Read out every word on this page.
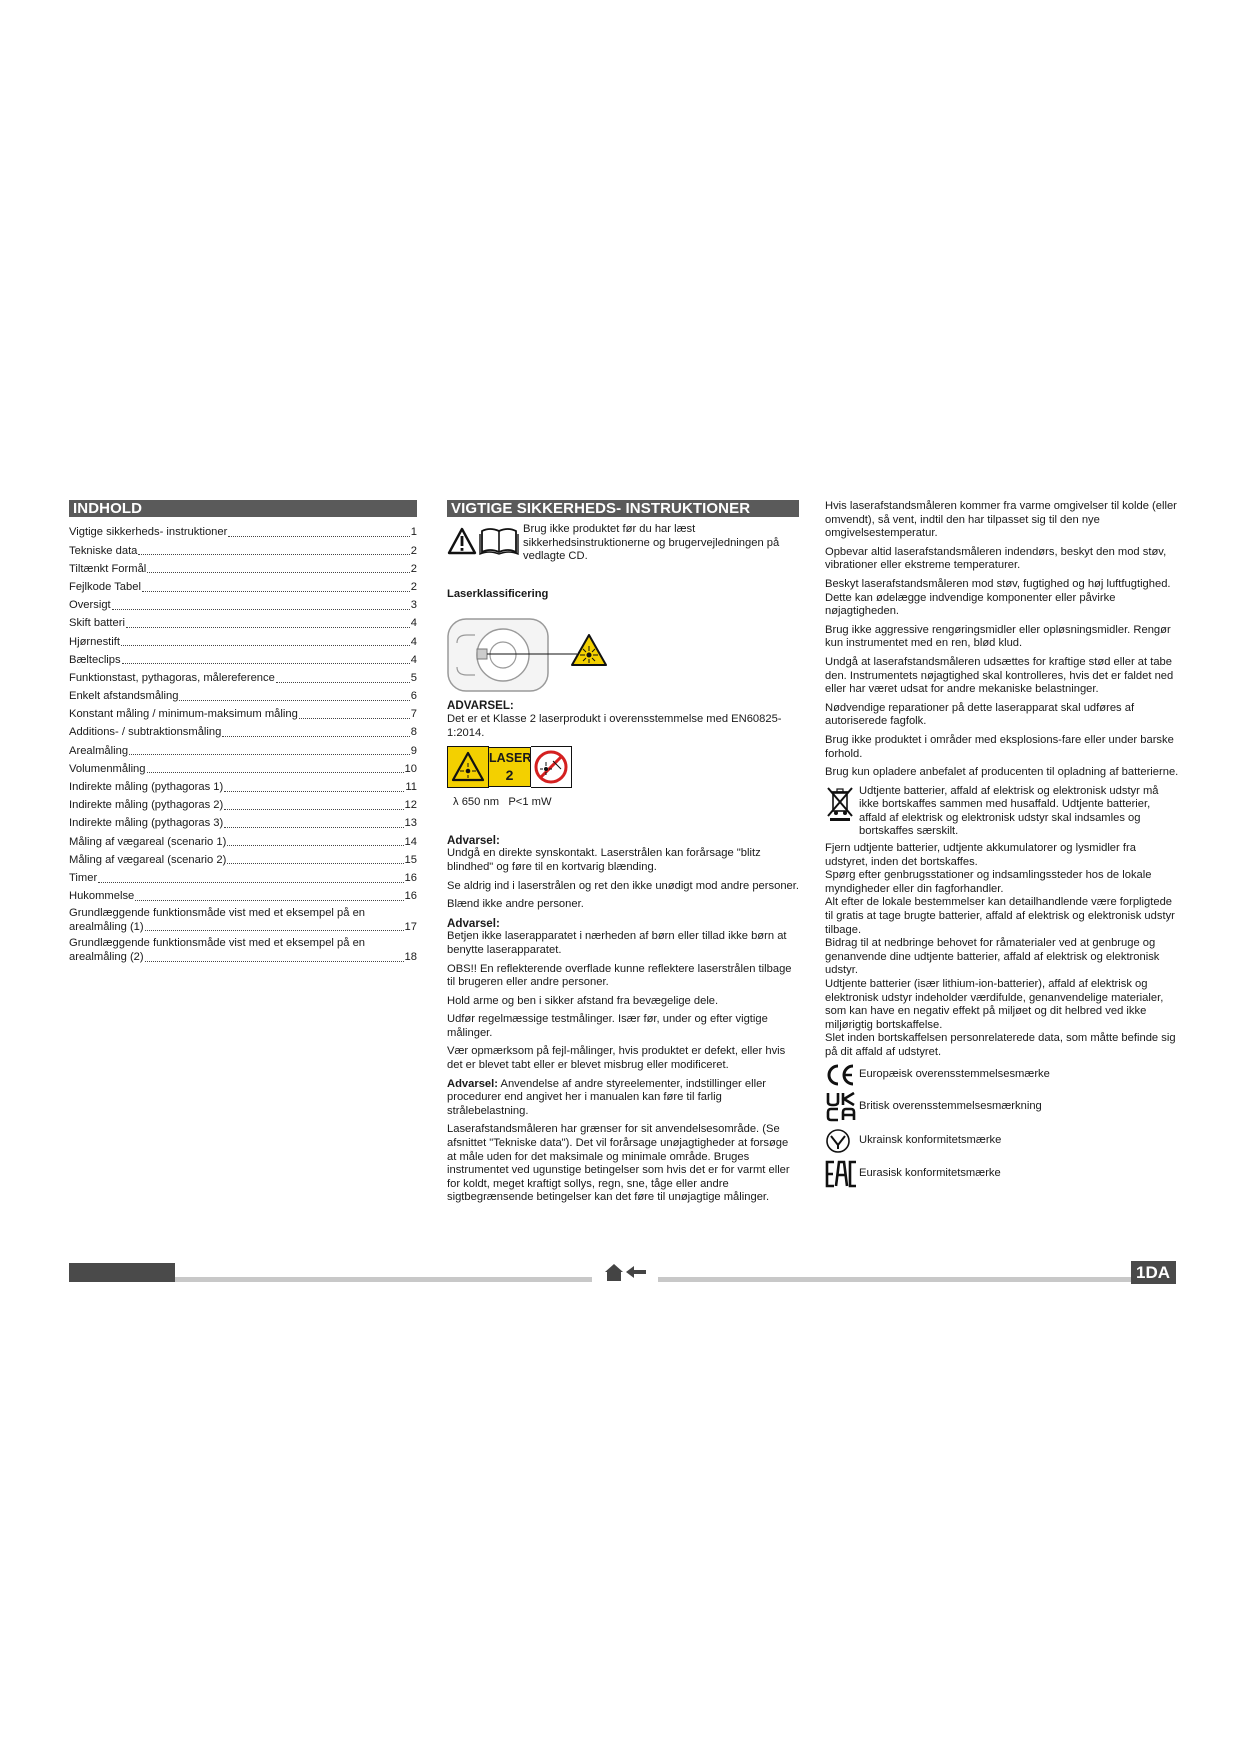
INDHOLD
Vigtige sikkerheds- instruktioner	1
Tekniske data	2
Tiltænkt Formål	2
Fejlkode Tabel	2
Oversigt	3
Skift batteri	4
Hjørnestift	4
Bælteclips	4
Funktionstast, pythagoras, målereference	5
Enkelt afstandsmåling	6
Konstant måling / minimum-maksimum måling	7
Additions- / subtraktionsmåling	8
Arealmåling	9
Volumenmåling	10
Indirekte måling (pythagoras 1)	11
Indirekte måling (pythagoras 2)	12
Indirekte måling (pythagoras 3)	13
Måling af vægareal (scenario 1)	14
Måling af vægareal (scenario 2)	15
Timer	16
Hukommelse	16
Grundlæggende funktionsmåde vist med et eksempel på en
arealmåling (1)	17
Grundlæggende funktionsmåde vist med et eksempel på en
arealmåling (2)	18
VIGTIGE SIKKERHEDS- INSTRUKTIONER
Brug ikke produktet før du har læst sikkerhedsinstruktionerne og brugervejledningen på vedlagte CD.
Laserklassificering
ADVARSEL:

Det er et Klasse 2 laserprodukt i overensstemmelse med EN60825-1:2014.

LASER
2

λ 650 nm   P<1 mW

Advarsel:

Undgå en direkte synskontakt. Laserstrålen kan forårsage "blitz blindhed" og føre til en kortvarig blænding.

Se aldrig ind i laserstrålen og ret den ikke unødigt mod andre personer.

Blænd ikke andre personer.

Advarsel:

Betjen ikke laserapparatet i nærheden af børn eller tillad ikke børn at benytte laserapparatet.

OBS!! En reflekterende overflade kunne reflektere laserstrålen tilbage til brugeren eller andre personer.

Hold arme og ben i sikker afstand fra bevægelige dele.

Udfør regelmæssige testmålinger. Især før, under og efter vigtige målinger.

Vær opmærksom på fejl-målinger, hvis produktet er defekt, eller hvis det er blevet tabt eller er blevet misbrug eller modificeret.

Advarsel: Anvendelse af andre styreelementer, indstillinger eller procedurer end angivet her i manualen kan føre til farlig strålebelastning.

Laserafstandsmåleren har grænser for sit anvendelsesområde. (Se afsnittet "Tekniske data"). Det vil forårsage unøjagtigheder at forsøge at måle uden for det maksimale og minimale område. Bruges instrumentet ved ugunstige betingelser som hvis det er for varmt eller for koldt, meget kraftigt sollys, regn, sne, tåge eller andre sigtbegrænsende betingelser kan det føre til unøjagtige målinger.

Hvis laserafstandsmåleren kommer fra varme omgivelser til kolde (eller omvendt), så vent, indtil den har tilpasset sig til den nye omgivelsestemperatur.

Opbevar altid laserafstandsmåleren indendørs, beskyt den mod støv, vibrationer eller ekstreme temperaturer.

Beskyt laserafstandsmåleren mod støv, fugtighed og høj luftfugtighed. Dette kan ødelægge indvendige komponenter eller påvirke nøjagtigheden.

Brug ikke aggressive rengøringsmidler eller opløsningsmidler. Rengør kun instrumentet med en ren, blød klud.

Undgå at laserafstandsmåleren udsættes for kraftige stød eller at tabe den. Instrumentets nøjagtighed skal kontrolleres, hvis det er faldet ned eller har været udsat for andre mekaniske belastninger.

Nødvendige reparationer på dette laserapparat skal udføres af autoriserede fagfolk.

Brug ikke produktet i områder med eksplosions-fare eller under barske forhold.

Brug kun opladere anbefalet af producenten til opladning af batterierne.

Udtjente batterier, affald af elektrisk og elektronisk udstyr må ikke bortskaffes sammen med husaffald. Udtjente batterier, affald af elektrisk og elektronisk udstyr skal indsamles og bortskaffes særskilt.
Fjern udtjente batterier, udtjente akkumulatorer og lysmidler fra udstyret, inden det bortskaffes.
Spørg efter genbrugsstationer og indsamlingssteder hos de lokale myndigheder eller din fagforhandler.
Alt efter de lokale bestemmelser kan detailhandlende være forpligtede til gratis at tage brugte batterier, affald af elektrisk og elektronisk udstyr tilbage.
Bidrag til at nedbringe behovet for råmaterialer ved at genbruge og genanvende dine udtjente batterier, affald af elektrisk og elektronisk udstyr.
Udtjente batterier (især lithium-ion-batterier), affald af elektrisk og elektronisk udstyr indeholder værdifulde, genanvendelige materialer, som kan have en negativ effekt på miljøet og dit helbred ved ikke miljørigtig bortskaffelse.
Slet inden bortskaffelsen personrelaterede data, som måtte befinde sig på dit affald af udstyret.
Europæisk overensstemmelsesmærke
Britisk overensstemmelsesmærkning
Ukrainsk konformitetsmærke
Eurasisk konformitetsmærke
1DA
